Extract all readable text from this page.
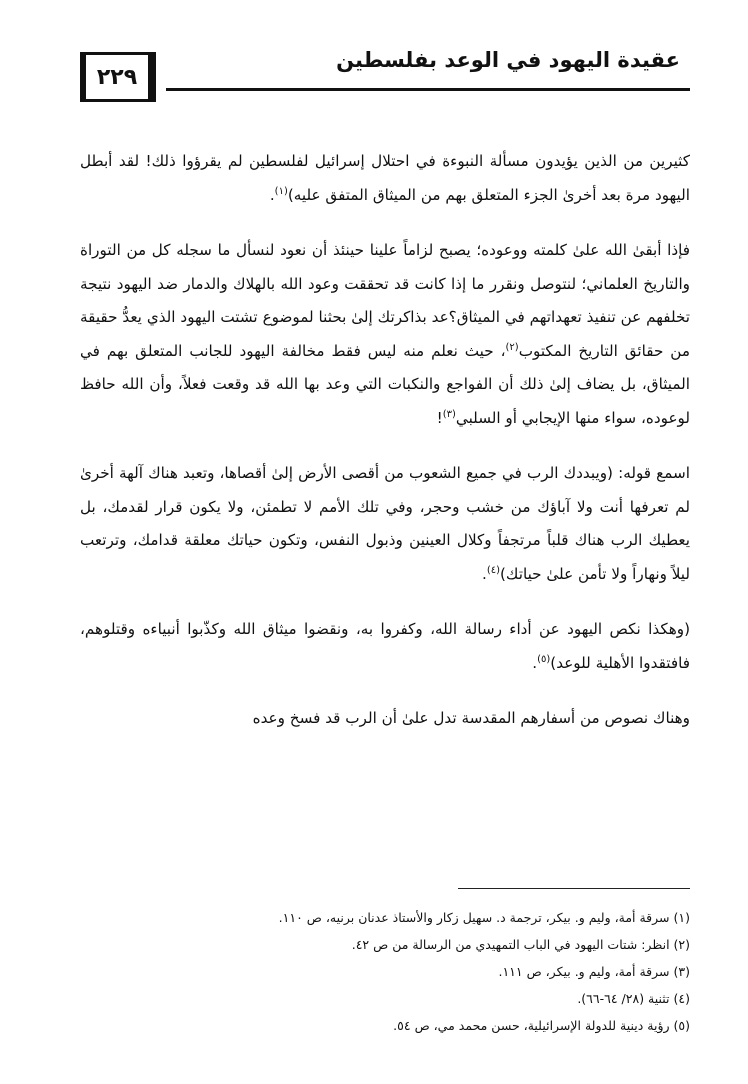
عقيدة اليهود في الوعد بفلسطين
٢٢٩

كثيرين من الذين يؤيدون مسألة النبوءة في احتلال إسرائيل لفلسطين لم يقرؤوا ذلك! لقد أبطل اليهود مرة بعد أخرىٰ الجزء المتعلق بهم من الميثاق المتفق عليه)$^{(١)}$.

فإذا أبقىٰ الله علىٰ كلمته ووعوده؛ يصبح لزاماً علينا حينئذ أن نعود لنسأل ما سجله كل من التوراة والتاريخ العلماني؛ لنتوصل ونقرر ما إذا كانت قد تحققت وعود الله بالهلاك والدمار ضد اليهود نتيجة تخلفهم عن تنفيذ تعهداتهم في الميثاق؟عد بذاكرتك إلىٰ بحثنا لموضوع تشتت اليهود الذي يعدُّ حقيقة من حقائق التاريخ المكتوب$^{(٢)}$، حيث نعلم منه ليس فقط مخالفة اليهود للجانب المتعلق بهم في الميثاق، بل يضاف إلىٰ ذلك أن الفواجع والنكبات التي وعد بها الله قد وقعت فعلاً، وأن الله حافظ لوعوده، سواء منها الإيجابي أو السلبي$^{(٣)}$!

اسمع قوله: (ويبددك الرب في جميع الشعوب من أقصى الأرض إلىٰ أقصاها، وتعبد هناك آلهة أخرىٰ لم تعرفها أنت ولا آباؤك من خشب وحجر، وفي تلك الأمم لا تطمئن، ولا يكون قرار لقدمك، بل يعطيك الرب هناك قلباً مرتجفاً وكلال العينين وذبول النفس، وتكون حياتك معلقة قدامك، وترتعب ليلاً ونهاراً ولا تأمن علىٰ حياتك)$^{(٤)}$.

(وهكذا نكص اليهود عن أداء رسالة الله، وكفروا به، ونقضوا ميثاق الله وكذّبوا أنبياءه وقتلوهم، فافتقدوا الأهلية للوعد)$^{(٥)}$.

وهناك نصوص من أسفارهم المقدسة تدل علىٰ أن الرب قد فسخ وعده

(١) سرقة أمة، وليم و. بيكر، ترجمة د. سهيل زكار والأستاذ عدنان برنيه، ص ١١٠.
(٢) انظر: شتات اليهود في الباب التمهيدي من الرسالة من ص ٤٢.
(٣) سرقة أمة، وليم و. بيكر، ص ١١١.
(٤) تثنية (٢٨/ ٦٤-٦٦).
(٥) رؤية دينية للدولة الإسرائيلية، حسن محمد مي، ص ٥٤.
